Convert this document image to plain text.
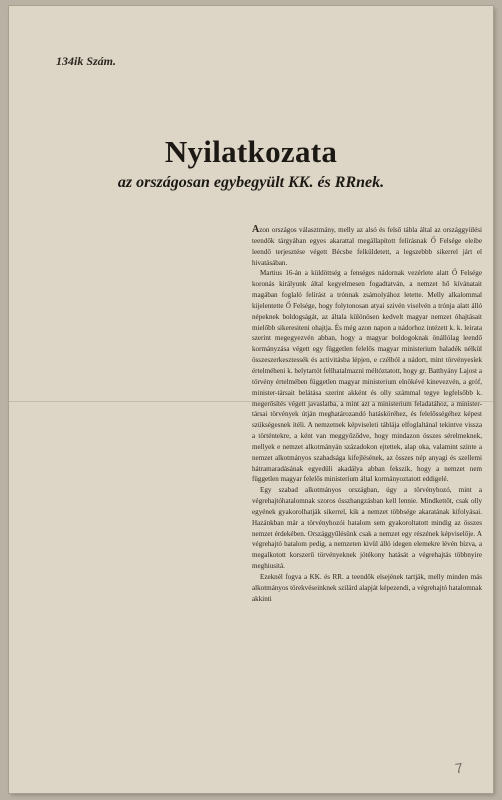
134ik Szám.
Nyilatkozata
az országosan egybegyült KK. és RRnek.

Azon országos választmány, melly az alsó és felső tábla által az országgyülési teendők tárgyában egyes akarattal megállapított felírásnak Ő Felsége eleibe leendő terjesztése végett Bécsbe felküldetett, a legszebbb sikerrel járt el hivatásában.

Martius 16-án a küldöttség a fenséges nádornak vezérlete alatt Ő Felsége koronás királyunk által kegyelmesen fogadtatván, a nemzet hő kívánatait magában foglaló felírást a trónnak zsámolyához letette. Melly alkalommal kijelentette Ő Felsége, hogy folytonosan atyai szivén viselvén a trónja alatt álló népeknek boldogságát, az általa különösen kedvelt magyar nemzet óhajtásait mielőbb sikeresiteni ohajtja. És még azon napon a nádorhoz intézett k. k. leirata szerint megegyezvén abban, hogy a magyar boldogoknak önállólag leendő kormányzása végett egy független felelős magyar ministerium haladék nélkül összeszerkesztessék és activitásba lépjen, e czélból a nádort, mint törvényesíek értelméheni k. helytartót fellhatalmazni méltóztatott, hogy gr. Batthyány Lajost a törvény értelmében független magyar ministerium elnökévé kinevezvén, a gróf, minister-társait belátása szerint akként és olly számmal tegye legfelsőbb k. megerősítés végett javaslatba, a mint azt a ministerium feladatához, a minister-társai törvények útján meghatározandó hatásköréhez, és felelősségéhez képest szükségesnek ítéli. A nemzetnek képviseleti táblája elfoglaltánal tekintve vissza a történtekre, a ként van meggyőződve, hogy mindazon összes sérelmeknek, mellyek e nemzet alkotmányán századokon ejtettek, alap oka, valamint szinte a nemzet alkotmányos szabadsága kifejlésének, az összes nép anyagi és szellemi hátramaradásának egyedüli akadálya abban fekszik, hogy a nemzet nem független magyar felelős ministerium által kormányoztatott eddigelé.

Egy szabad alkotmányos országban, úgy a törvényhozó, mint a végrehajtóhatalomnak szoros összhangzásban kell lennie. Mindkettőt, csak olly egyének gyakorolhatják sikerrel, kik a nemzet többsége akaratának kifolyásai. Hazánkban már a törvényhozói hatalom sem gyakoroltatott mindig az összes nemzet érdekében. Országgyűlésünk csak a nemzet egy részének képviselője. A végrehajtó hatalom pedig, a nemzeten kivül álló idegen elemekre lévén bízva, a megalkotott korszerű törvényeknek jótékony hatását a végrehajtás többnyire meghiusitá.

Ezeknél fogva a KK. és RR. a teendők elsejének tartják, melly minden más alkotmányos törekvéseinknek szilárd alapját képezendi, a végrehajtó hatalomnak akkinti

7
